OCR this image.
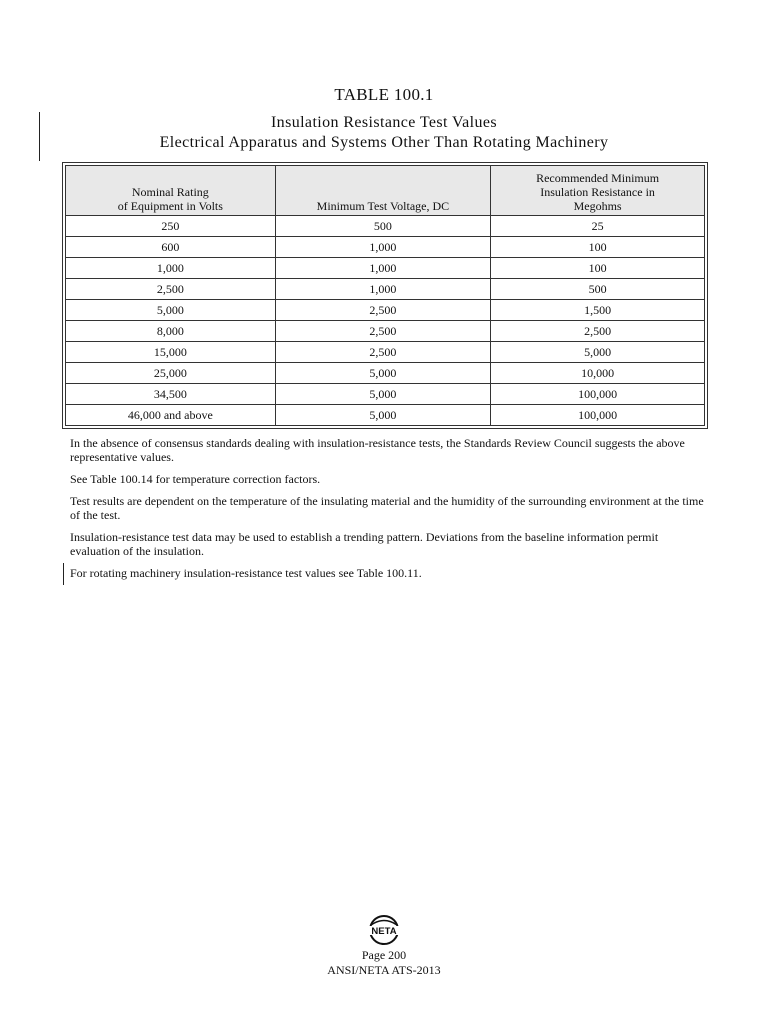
TABLE 100.1
Insulation Resistance Test Values
Electrical Apparatus and Systems Other Than Rotating Machinery
Nominal Rating
of Equipment in Volts	Minimum Test Voltage, DC	Recommended Minimum
Insulation Resistance in
Megohms

250	500	25
600	1,000	100
1,000	1,000	100
2,500	1,000	500
5,000	2,500	1,500
8,000	2,500	2,500
15,000	2,500	5,000
25,000	5,000	10,000
34,500	5,000	100,000
46,000 and above	5,000	100,000

In the absence of consensus standards dealing with insulation-resistance tests, the Standards Review Council suggests the above representative values.

See Table 100.14 for temperature correction factors.

Test results are dependent on the temperature of the insulating material and the humidity of the surrounding environment at the time of the test.

Insulation-resistance test data may be used to establish a trending pattern. Deviations from the baseline information permit evaluation of the insulation.

For rotating machinery insulation-resistance test values see Table 100.11.

NETA
Page 200
ANSI/NETA ATS-2013
